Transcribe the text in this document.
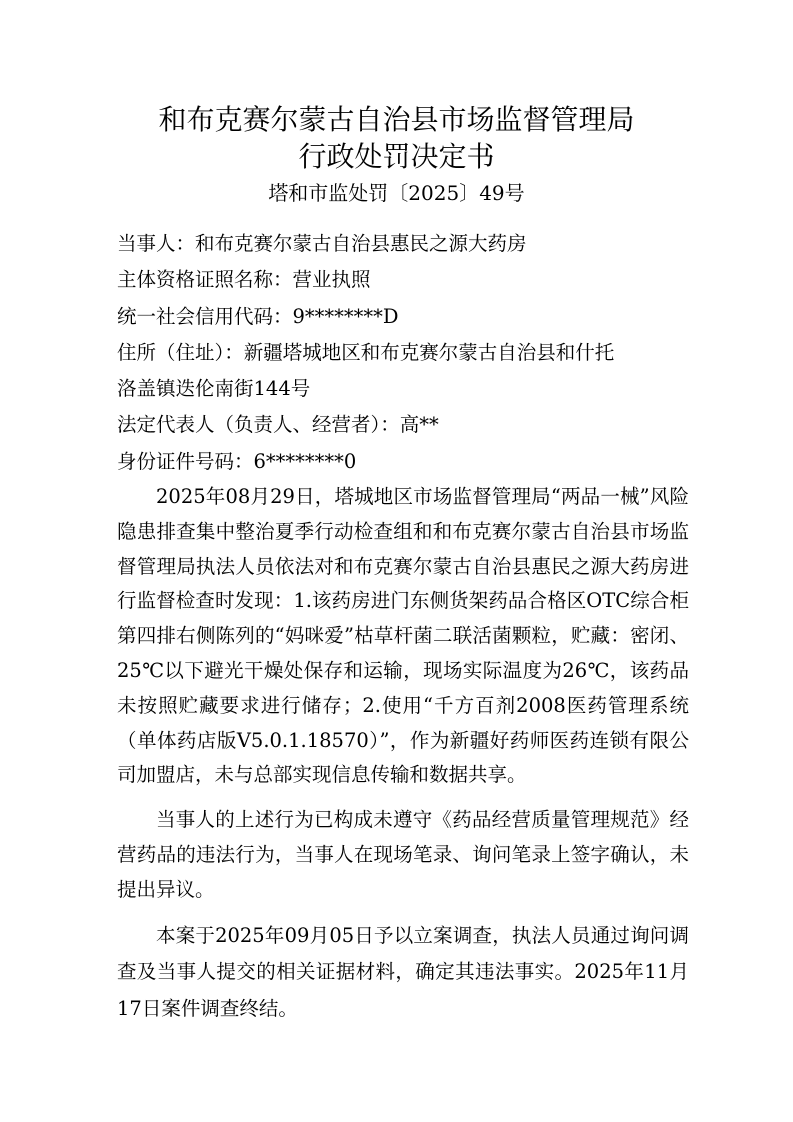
和布克赛尔蒙古自治县市场监督管理局
行政处罚决定书
塔和市监处罚〔2025〕49号
当事人：和布克赛尔蒙古自治县惠民之源大药房
主体资格证照名称：营业执照
统一社会信用代码：9********D
住所（住址）：新疆塔城地区和布克赛尔蒙古自治县和什托
洛盖镇迭伦南街144号
法定代表人（负责人、经营者）：高**
身份证件号码：6********0

2025年08月29日，塔城地区市场监督管理局“两品一械”风险隐患排查集中整治夏季行动检查组和和布克赛尔蒙古自治县市场监督管理局执法人员依法对和布克赛尔蒙古自治县惠民之源大药房进行监督检查时发现：1.该药房进门东侧货架药品合格区OTC综合柜第四排右侧陈列的“妈咪爱”枯草杆菌二联活菌颗粒，贮藏：密闭、25℃以下避光干燥处保存和运输，现场实际温度为26℃，该药品未按照贮藏要求进行储存；2.使用“千方百剂2008医药管理系统（单体药店版V5.0.1.18570）”，作为新疆好药师医药连锁有限公司加盟店，未与总部实现信息传输和数据共享。

当事人的上述行为已构成未遵守《药品经营质量管理规范》经营药品的违法行为，当事人在现场笔录、询问笔录上签字确认，未提出异议。

本案于2025年09月05日予以立案调查，执法人员通过询问调查及当事人提交的相关证据材料，确定其违法事实。2025年11月17日案件调查终结。
